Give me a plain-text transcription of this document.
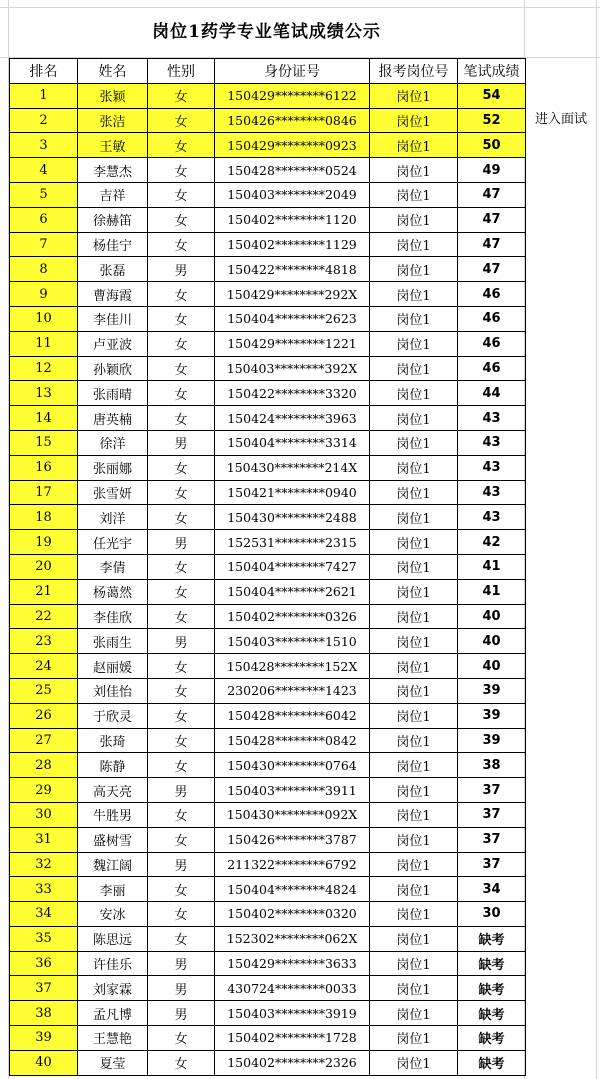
岗位1药学专业笔试成绩公示
排名	姓名	性别	身份证号	报考岗位号	笔试成绩
1	张颖	女	150429********6122	岗位1	54
2	张洁	女	150426********0846	岗位1	52
3	王敏	女	150429********0923	岗位1	50
4	李慧杰	女	150428********0524	岗位1	49
5	吉祥	女	150403********2049	岗位1	47
6	徐赫笛	女	150402********1120	岗位1	47
7	杨佳宁	女	150402********1129	岗位1	47
8	张磊	男	150422********4818	岗位1	47
9	曹海霞	女	150429********292X	岗位1	46
10	李佳川	女	150404********2623	岗位1	46
11	卢亚波	女	150429********1221	岗位1	46
12	孙颖欣	女	150403********392X	岗位1	46
13	张雨晴	女	150422********3320	岗位1	44
14	唐英楠	女	150424********3963	岗位1	43
15	徐洋	男	150404********3314	岗位1	43
16	张丽娜	女	150430********214X	岗位1	43
17	张雪妍	女	150421********0940	岗位1	43
18	刘洋	女	150430********2488	岗位1	43
19	任光宇	男	152531********2315	岗位1	42
20	李倩	女	150404********7427	岗位1	41
21	杨蔼然	女	150404********2621	岗位1	41
22	李佳欣	女	150402********0326	岗位1	40
23	张雨生	男	150403********1510	岗位1	40
24	赵丽媛	女	150428********152X	岗位1	40
25	刘佳怡	女	230206********1423	岗位1	39
26	于欣灵	女	150428********6042	岗位1	39
27	张琦	女	150428********0842	岗位1	39
28	陈静	女	150430********0764	岗位1	38
29	高天亮	男	150403********3911	岗位1	37
30	牛胜男	女	150430********092X	岗位1	37
31	盛树雪	女	150426********3787	岗位1	37
32	魏江阔	男	211322********6792	岗位1	37
33	李丽	女	150404********4824	岗位1	34
34	安冰	女	150402********0320	岗位1	30
35	陈思远	女	152302********062X	岗位1	缺考
36	许佳乐	男	150429********3633	岗位1	缺考
37	刘家霖	男	430724********0033	岗位1	缺考
38	孟凡博	男	150403********3919	岗位1	缺考
39	王慧艳	女	150402********1728	岗位1	缺考
40	夏莹	女	150402********2326	岗位1	缺考
进入面试
